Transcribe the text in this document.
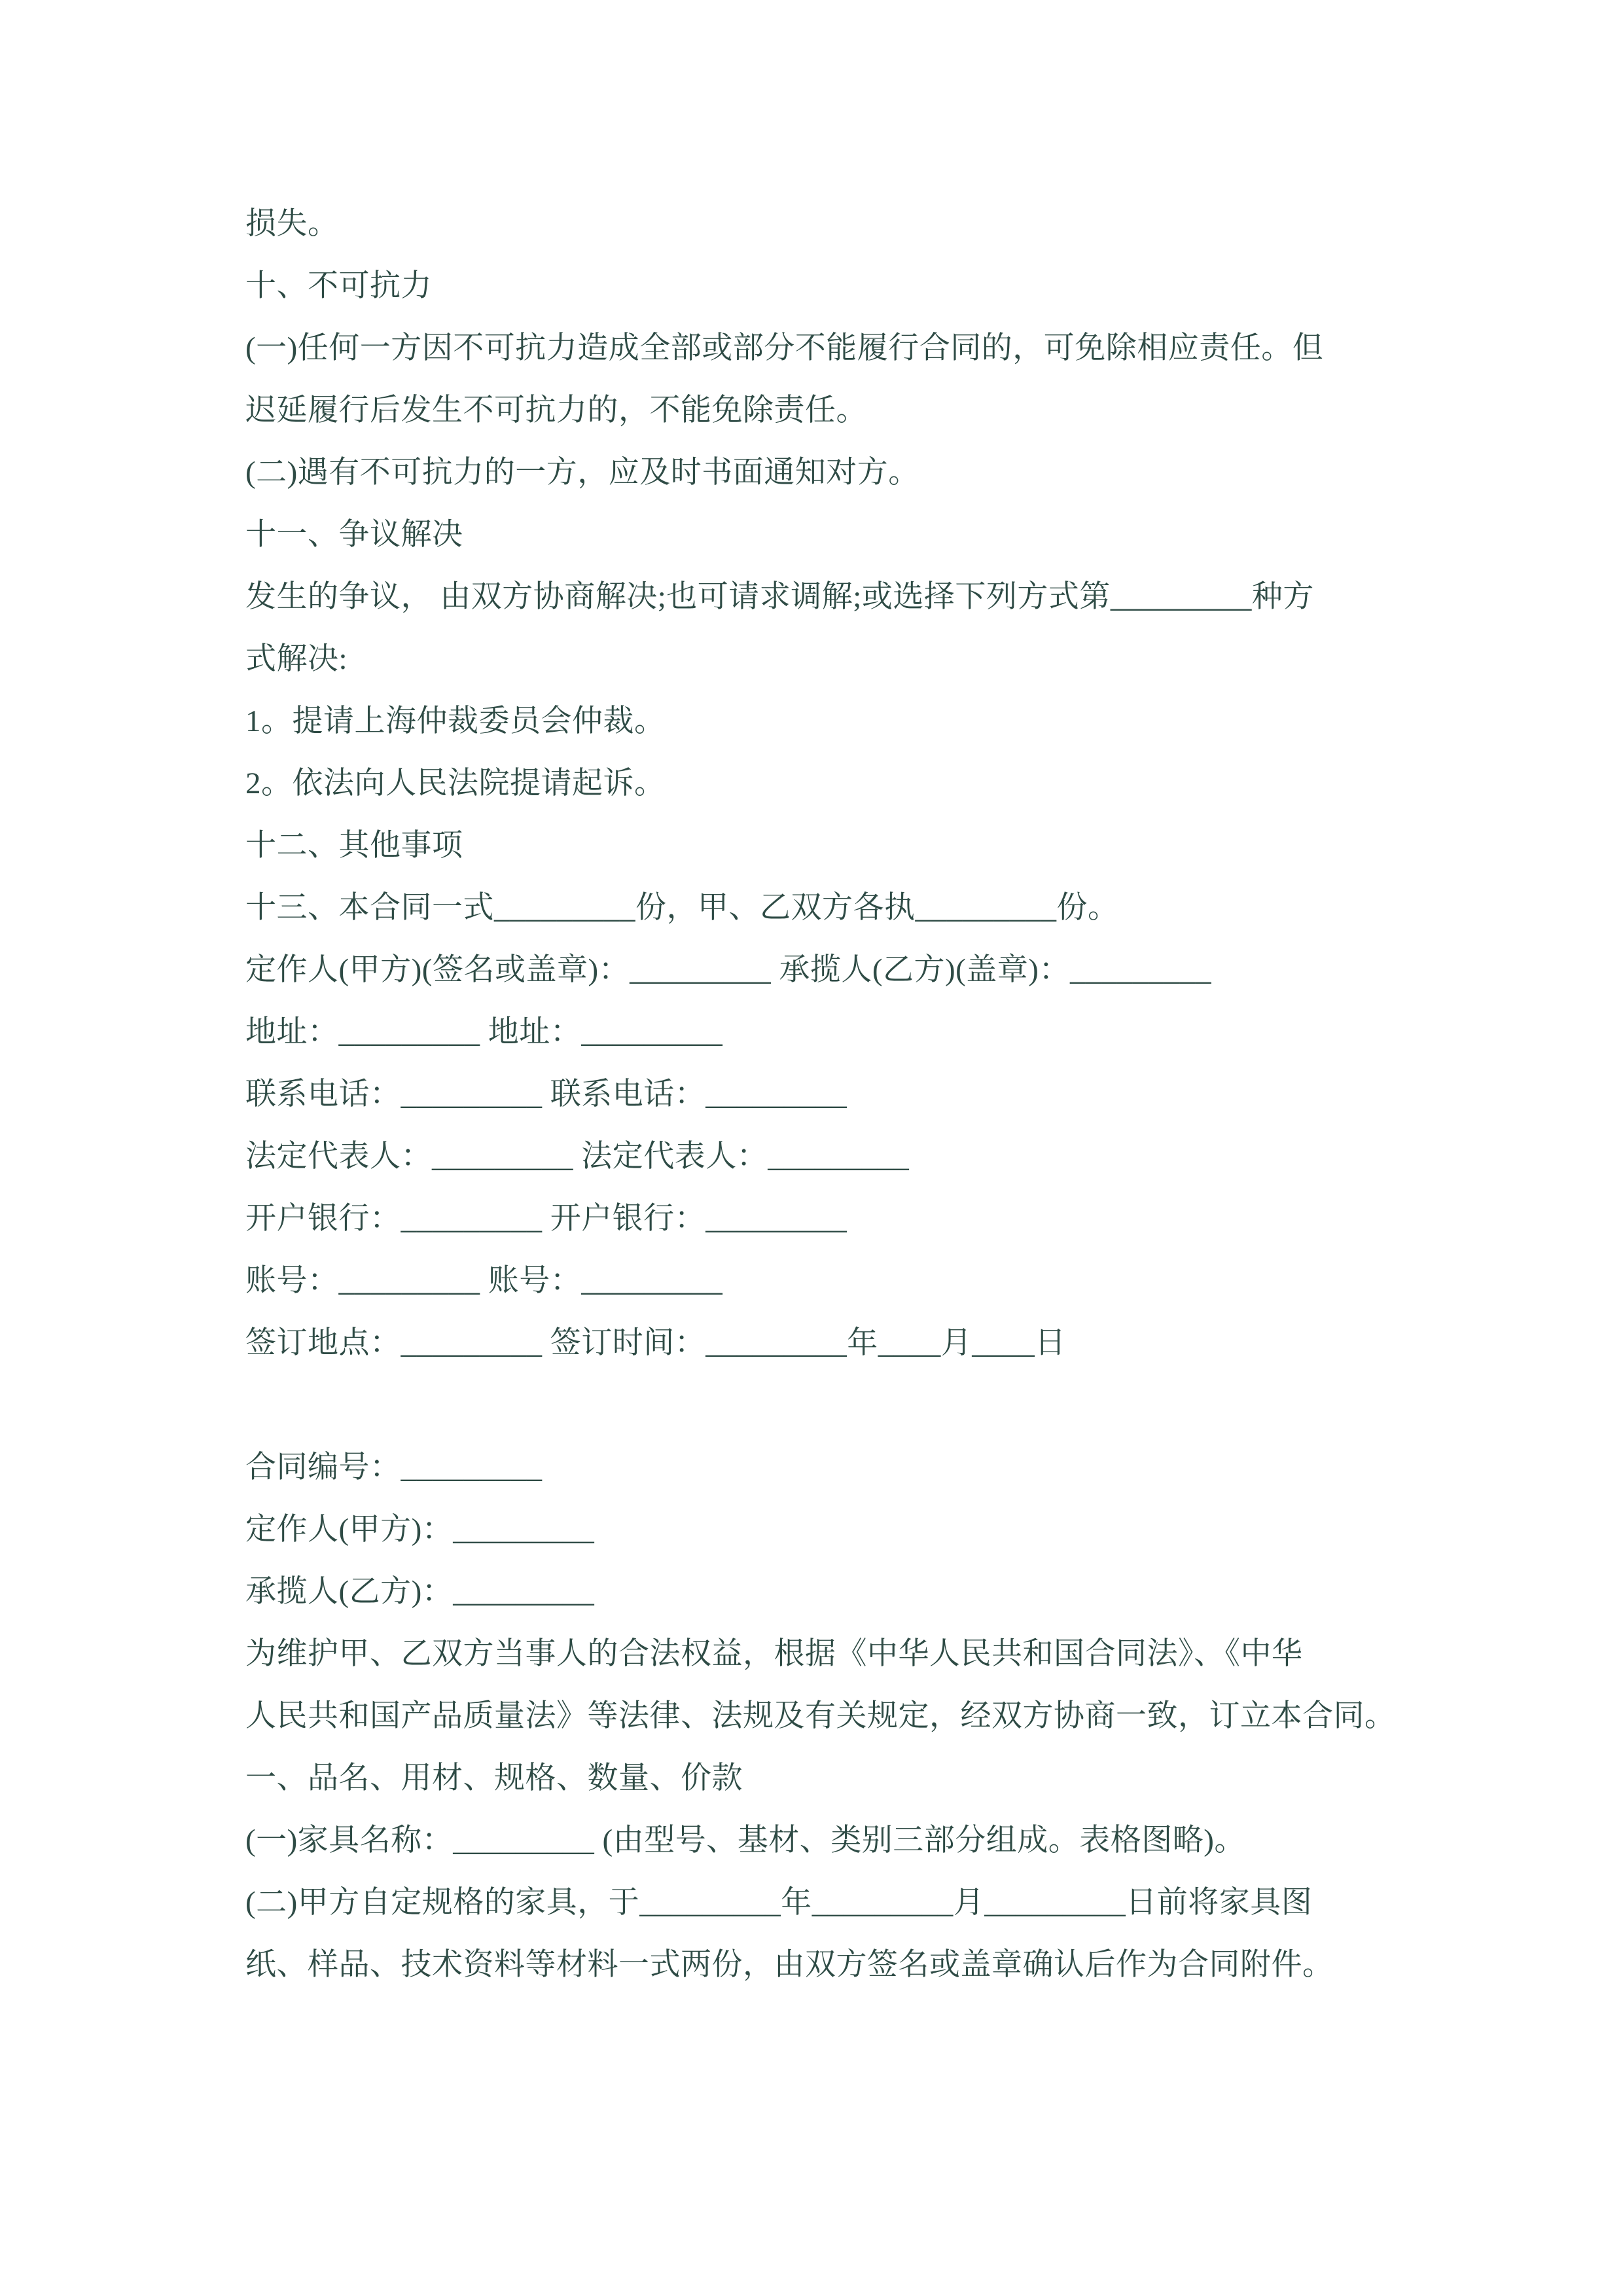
损失。
十、不可抗力
(一)任何一方因不可抗力造成全部或部分不能履行合同的，可免除相应责任。但
迟延履行后发生不可抗力的，不能免除责任。
(二)遇有不可抗力的一方，应及时书面通知对方。
十一、争议解决
发生的争议， 由双方协商解决;也可请求调解;或选择下列方式第_________种方
式解决:
1。提请上海仲裁委员会仲裁。
2。依法向人民法院提请起诉。
十二、其他事项
十三、本合同一式_________份，甲、乙双方各执_________份。
定作人(甲方)(签名或盖章)：_________ 承揽人(乙方)(盖章)：_________
地址：_________ 地址：_________
联系电话：_________ 联系电话：_________
法定代表人：_________ 法定代表人：_________
开户银行：_________ 开户银行：_________
账号：_________ 账号：_________
签订地点：_________ 签订时间：_________年____月____日
合同编号：_________
定作人(甲方)：_________
承揽人(乙方)：_________
为维护甲、乙双方当事人的合法权益，根据《中华人民共和国合同法》、《中华
人民共和国产品质量法》等法律、法规及有关规定，经双方协商一致，订立本合同。
一、品名、用材、规格、数量、价款
(一)家具名称：_________ (由型号、基材、类别三部分组成。表格图略)。
(二)甲方自定规格的家具，于_________年_________月_________日前将家具图
纸、样品、技术资料等材料一式两份，由双方签名或盖章确认后作为合同附件。
